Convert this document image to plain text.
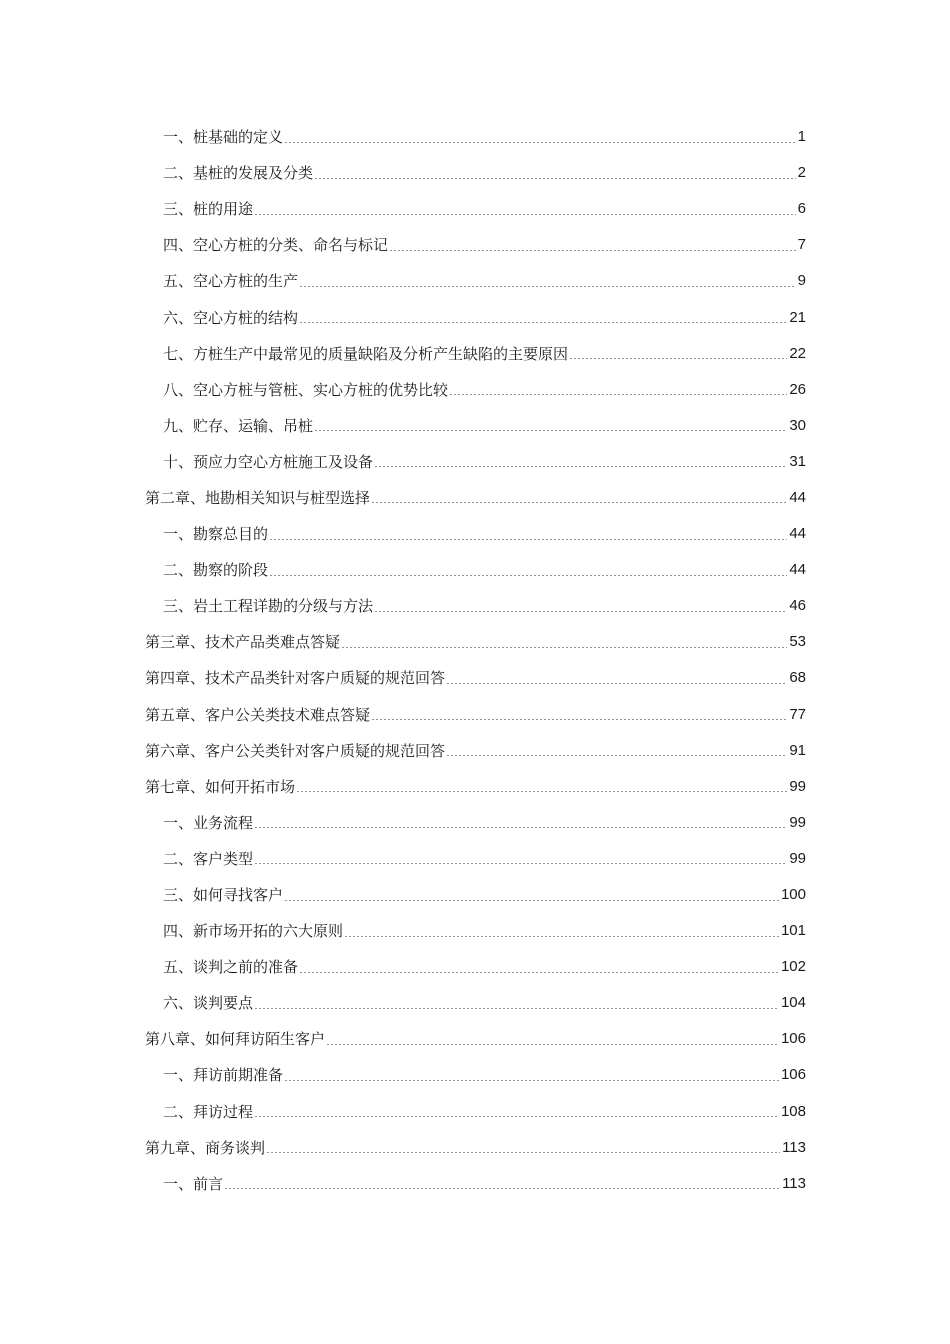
一、桩基础的定义	1
二、基桩的发展及分类	2
三、桩的用途	6
四、空心方桩的分类、命名与标记	7
五、空心方桩的生产	9
六、空心方桩的结构	21
七、方桩生产中最常见的质量缺陷及分析产生缺陷的主要原因	22
八、空心方桩与管桩、实心方桩的优势比较	26
九、贮存、运输、吊桩	30
十、预应力空心方桩施工及设备	31
第二章、地勘相关知识与桩型选择	44
一、勘察总目的	44
二、勘察的阶段	44
三、岩土工程详勘的分级与方法	46
第三章、技术产品类难点答疑	53
第四章、技术产品类针对客户质疑的规范回答	68
第五章、客户公关类技术难点答疑	77
第六章、客户公关类针对客户质疑的规范回答	91
第七章、如何开拓市场	99
一、业务流程	99
二、客户类型	99
三、如何寻找客户	100
四、新市场开拓的六大原则	101
五、谈判之前的准备	102
六、谈判要点	104
第八章、如何拜访陌生客户	106
一、拜访前期准备	106
二、拜访过程	108
第九章、商务谈判	113
一、前言	113
